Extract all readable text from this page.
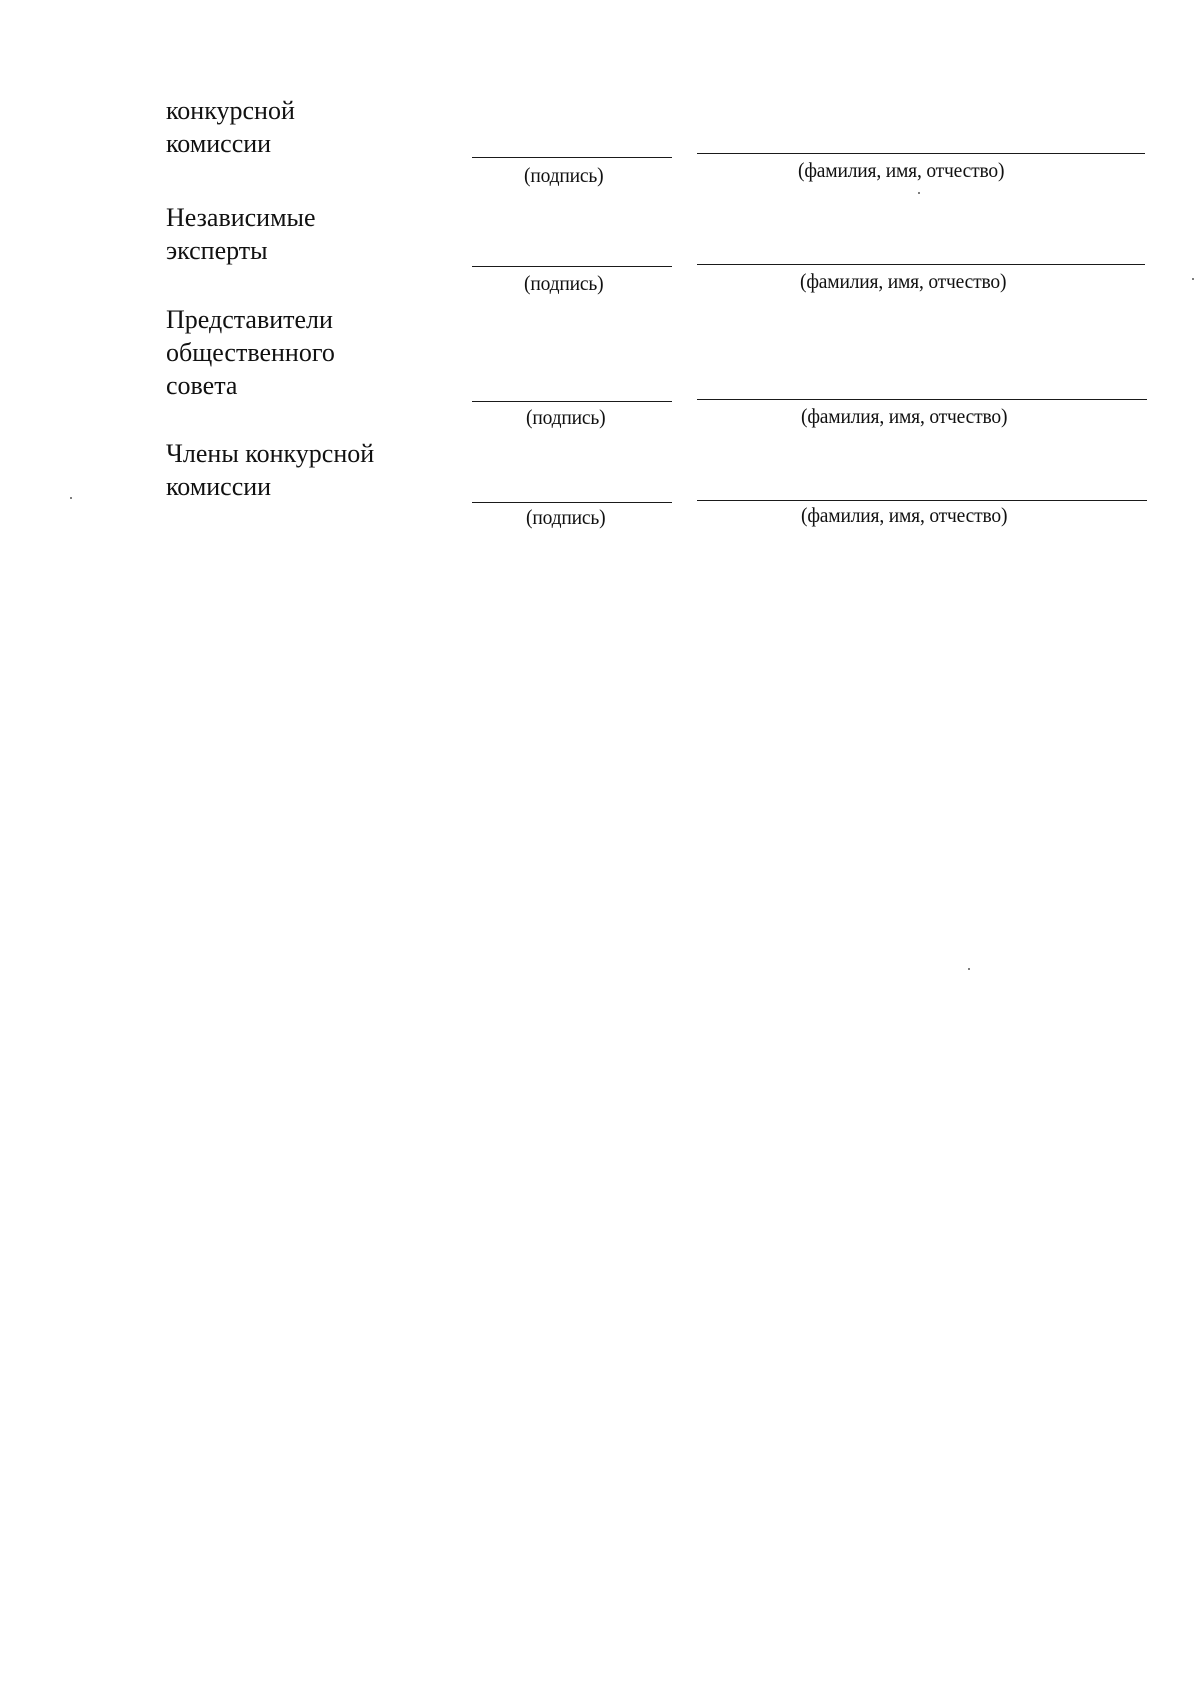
конкурсной
комиссии
(подпись)	(фамилия, имя, отчество)
Независимые
эксперты
(подпись)	(фамилия, имя, отчество)
Представители
общественного
совета
(подпись)	(фамилия, имя, отчество)
Члены конкурсной
комиссии
(подпись)	(фамилия, имя, отчество)
